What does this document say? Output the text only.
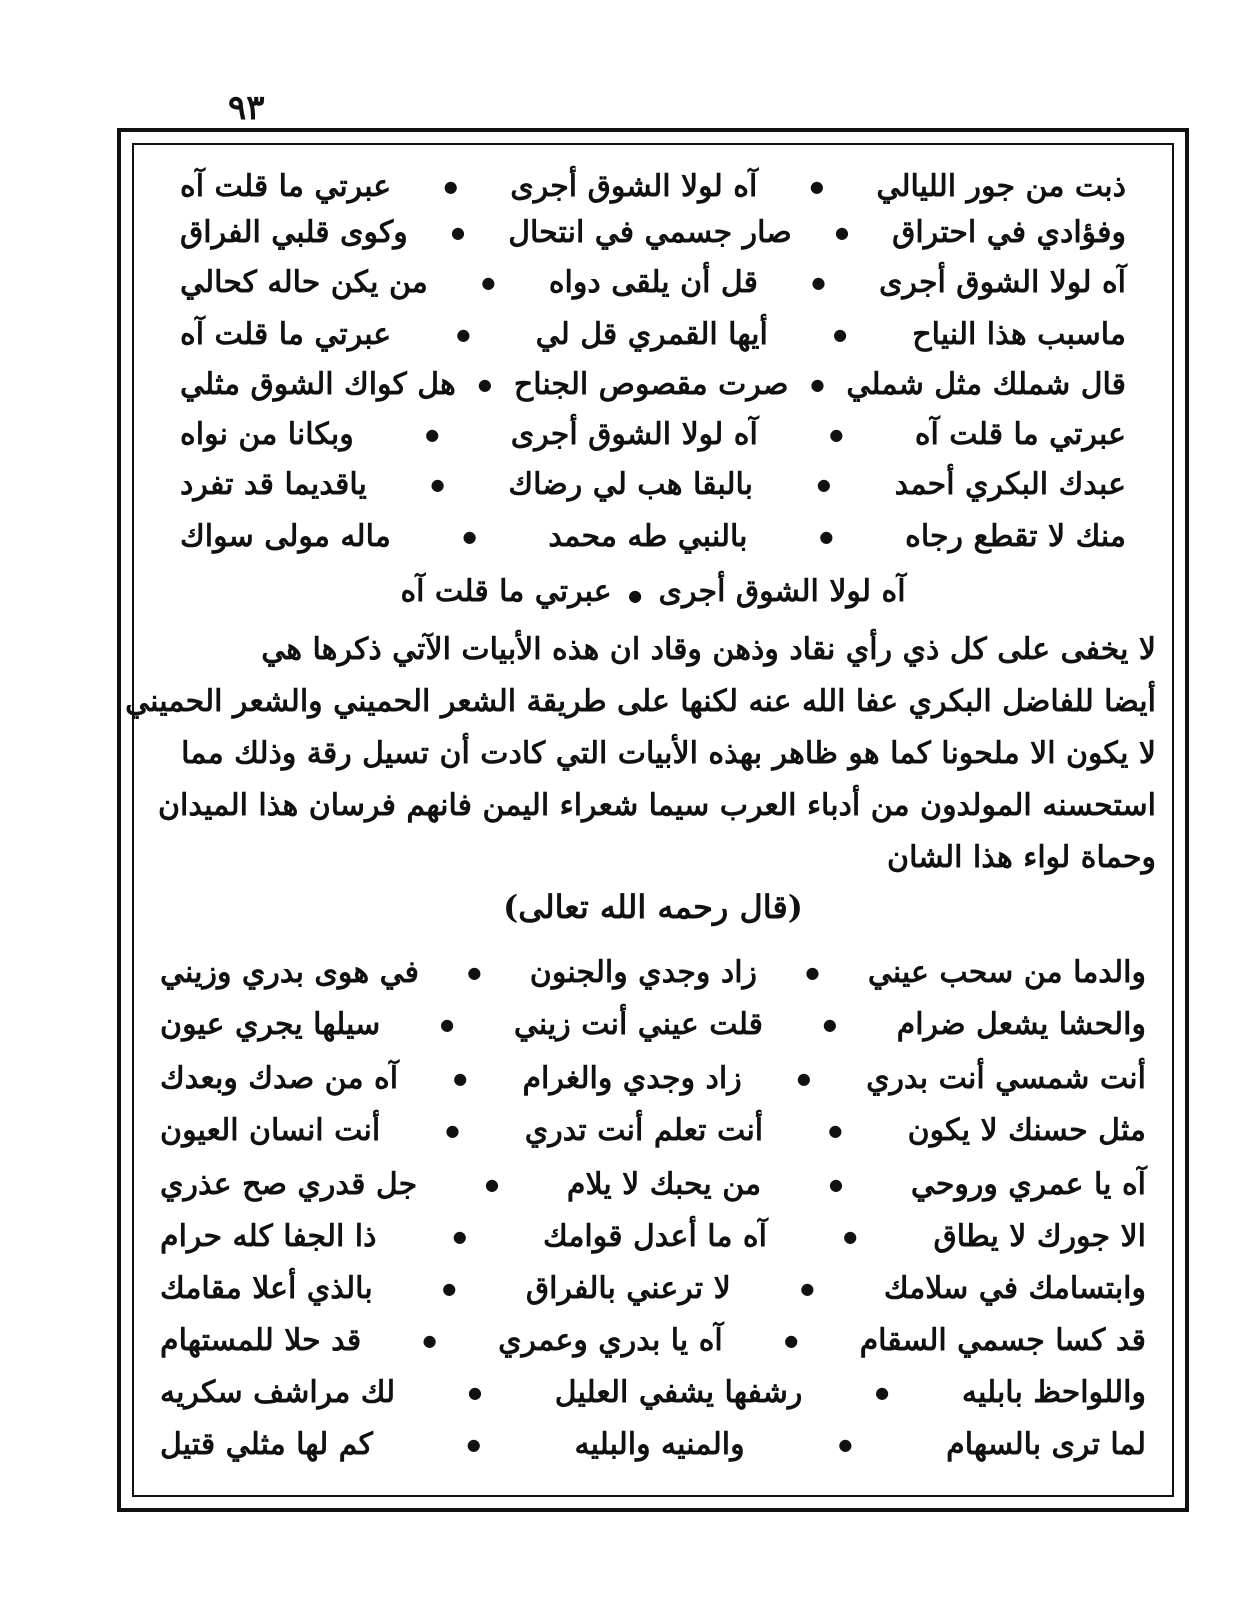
٩٣
ذبت من جور الليالي
●
آه لولا الشوق أجرى
●
عبرتي ما قلت آه
وفؤادي في احتراق
●
صار جسمي في انتحال
●
وكوى قلبي الفراق
آه لولا الشوق أجرى
●
قل أن يلقى دواه
●
من يكن حاله كحالي
ماسبب هذا النياح
●
أيها القمري قل لي
●
عبرتي ما قلت آه
قال شملك مثل شملي
●
صرت مقصوص الجناح
●
هل كواك الشوق مثلي
عبرتي ما قلت آه
●
آه لولا الشوق أجرى
●
وبكانا من نواه
عبدك البكري أحمد
●
بالبقا هب لي رضاك
●
ياقديما قد تفرد
منك لا تقطع رجاه
●
بالنبي طه محمد
●
ماله مولى سواك
آه لولا الشوق أجرى ● عبرتي ما قلت آه
لا يخفى على كل ذي رأي نقاد وذهن وقاد ان هذه الأبيات الآتي ذكرها هي
أيضا للفاضل البكري عفا الله عنه لكنها على طريقة الشعر الحميني والشعر الحميني
لا يكون الا ملحونا كما هو ظاهر بهذه الأبيات التي كادت أن تسيل رقة وذلك مما
استحسنه المولدون من أدباء العرب سيما شعراء اليمن فانهم فرسان هذا الميدان
وحماة لواء هذا الشان
(قال رحمه الله تعالى)
والدما من سحب عيني
●
زاد وجدي والجنون
●
في هوى بدري وزيني
والحشا يشعل ضرام
●
قلت عيني أنت زيني
●
سيلها يجري عيون
أنت شمسي أنت بدري
●
زاد وجدي والغرام
●
آه من صدك وبعدك
مثل حسنك لا يكون
●
أنت تعلم أنت تدري
●
أنت انسان العيون
آه يا عمري وروحي
●
من يحبك لا يلام
●
جل قدري صح عذري
الا جورك لا يطاق
●
آه ما أعدل قوامك
●
ذا الجفا كله حرام
وابتسامك في سلامك
●
لا ترعني بالفراق
●
بالذي أعلا مقامك
قد كسا جسمي السقام
●
آه يا بدري وعمري
●
قد حلا للمستهام
واللواحظ بابليه
●
رشفها يشفي العليل
●
لك مراشف سكريه
لما ترى بالسهام
●
والمنيه والبليه
●
كم لها مثلي قتيل
